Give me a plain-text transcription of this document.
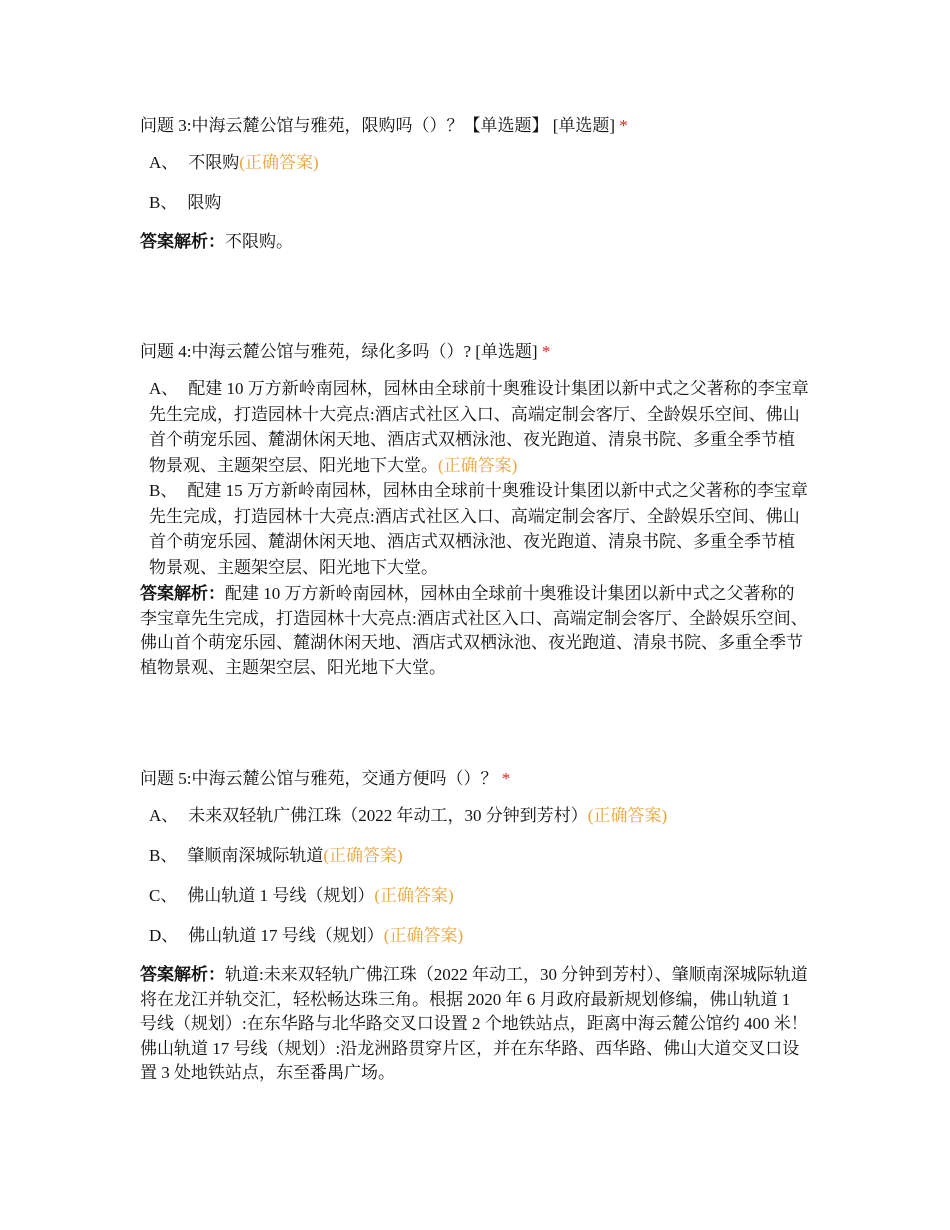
问题 3:中海云麓公馆与雅苑，限购吗（）？【单选题】 [单选题] *
A、 不限购(正确答案)
B、 限购
答案解析：不限购。
问题 4:中海云麓公馆与雅苑，绿化多吗（）? [单选题] *
A、 配建 10 万方新岭南园林，园林由全球前十奥雅设计集团以新中式之父著称的李宝章先生完成，打造园林十大亮点:酒店式社区入口、高端定制会客厅、全龄娱乐空间、佛山首个萌宠乐园、麓湖休闲天地、酒店式双栖泳池、夜光跑道、清泉书院、多重全季节植物景观、主题架空层、阳光地下大堂。(正确答案)
B、 配建 15 万方新岭南园林，园林由全球前十奥雅设计集团以新中式之父著称的李宝章先生完成，打造园林十大亮点:酒店式社区入口、高端定制会客厅、全龄娱乐空间、佛山首个萌宠乐园、麓湖休闲天地、酒店式双栖泳池、夜光跑道、清泉书院、多重全季节植物景观、主题架空层、阳光地下大堂。
答案解析：配建 10 万方新岭南园林，园林由全球前十奥雅设计集团以新中式之父著称的李宝章先生完成，打造园林十大亮点:酒店式社区入口、高端定制会客厅、全龄娱乐空间、佛山首个萌宠乐园、麓湖休闲天地、酒店式双栖泳池、夜光跑道、清泉书院、多重全季节植物景观、主题架空层、阳光地下大堂。
问题 5:中海云麓公馆与雅苑，交通方便吗（）？ *
A、 未来双轻轨广佛江珠（2022 年动工，30 分钟到芳村）(正确答案)
B、 肇顺南深城际轨道(正确答案)
C、 佛山轨道 1 号线（规划）(正确答案)
D、 佛山轨道 17 号线（规划）(正确答案)
答案解析：轨道:未来双轻轨广佛江珠（2022 年动工，30 分钟到芳村）、肇顺南深城际轨道将在龙江并轨交汇，轻松畅达珠三角。根据 2020 年 6 月政府最新规划修编，佛山轨道 1 号线（规划）:在东华路与北华路交叉口设置 2 个地铁站点，距离中海云麓公馆约 400 米！佛山轨道 17 号线（规划）:沿龙洲路贯穿片区，并在东华路、西华路、佛山大道交叉口设置 3 处地铁站点，东至番禺广场。
